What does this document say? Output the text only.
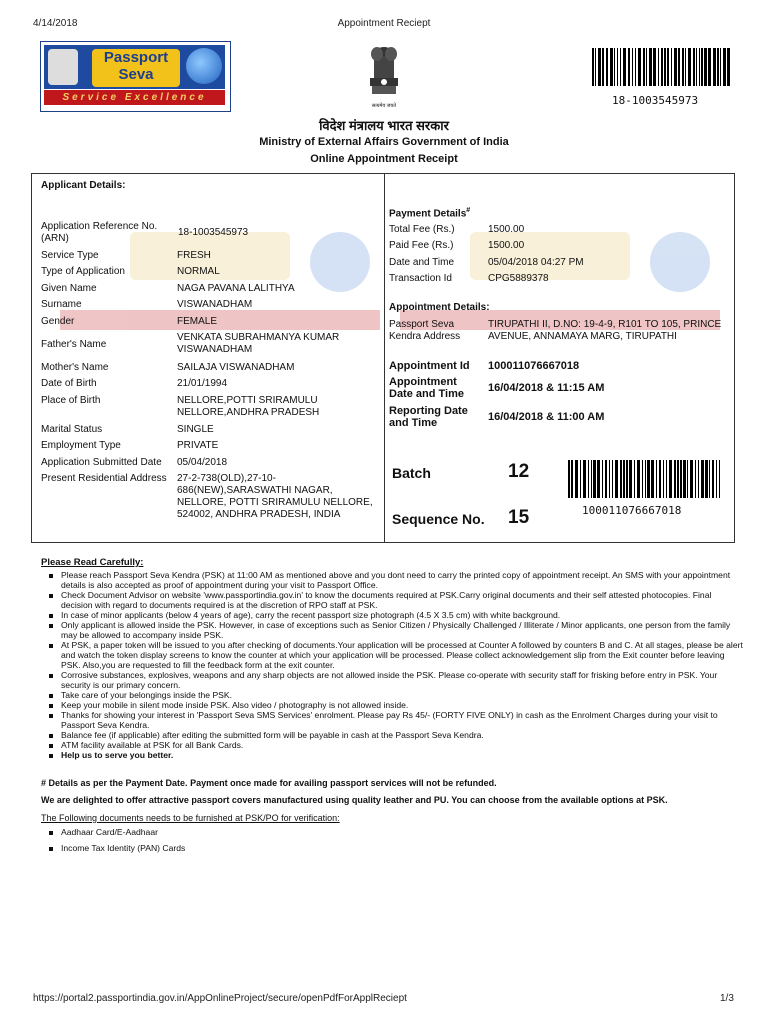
4/14/2018	Appointment Reciept
Passport
Seva
Service Excellence
सत्यमेव जयते	18-1003545973
विदेश मंत्रालय भारत सरकार
Ministry of External Affairs Government of India
Online Appointment Receipt
Applicant Details:
Application Reference No. (ARN)
18-1003545973
Service Type	FRESH
Type of Application	NORMAL
Given Name	NAGA PAVANA LALITHYA
Surname	VISWANADHAM
Gender	FEMALE
Father's Name
VENKATA SUBRAHMANYA KUMAR VISWANADHAM
Mother's Name	SAILAJA VISWANADHAM
Date of Birth	21/01/1994
Place of Birth	NELLORE,POTTI SRIRAMULU NELLORE,ANDHRA PRADESH
Marital Status	SINGLE
Employment Type	PRIVATE
Application Submitted Date 05/04/2018
Present Residential Address 27-2-738(OLD),27-10-686(NEW),SARASWATHI NAGAR, NELLORE, POTTI SRIRAMULU NELLORE, 524002, ANDHRA PRADESH, INDIA
Payment Details#
Total Fee (Rs.)	1500.00
Paid Fee (Rs.)	1500.00
Date and Time	05/04/2018 04:27 PM
Transaction Id	CPG5889378
Appointment Details:
Passport Seva Kendra Address
TIRUPATHI II, D.NO: 19-4-9, R101 TO 105, PRINCE AVENUE, ANNAMAYA MARG, TIRUPATHI
Appointment Id 100011076667018
Appointment Date and Time	16/04/2018 & 11:15 AM
Reporting Date and Time	16/04/2018 & 11:00 AM
Batch	12
Sequence No. 15	100011076667018
Please Read Carefully:
Please reach Passport Seva Kendra (PSK) at 11:00 AM as mentioned above and you dont need to carry the printed copy of appointment receipt. An SMS with your appointment details is also accepted as proof of appointment during your visit to Passport Office.
Check Document Advisor on website 'www.passportindia.gov.in' to know the documents required at PSK.Carry original documents and their self attested photocopies. Final decision with regard to documents required is at the discretion of RPO staff at PSK.
In case of minor applicants (below 4 years of age), carry the recent passport size photograph (4.5 X 3.5 cm) with white background.
Only applicant is allowed inside the PSK. However, in case of exceptions such as Senior Citizen / Physically Challenged / Illiterate / Minor applicants, one person from the family may be allowed to accompany inside PSK.
At PSK, a paper token will be issued to you after checking of documents.Your application will be processed at Counter A followed by counters B and C. At all stages, please be alert and watch the token display screens to know the counter at which your application will be processed. Please collect acknowledgement slip from the Exit counter before leaving PSK. Also,you are requested to fill the feedback form at the exit counter.
Corrosive substances, explosives, weapons and any sharp objects are not allowed inside the PSK. Please co-operate with security staff for frisking before entry in PSK. Your security is our primary concern.
Take care of your belongings inside the PSK.
Keep your mobile in silent mode inside PSK. Also video / photography is not allowed inside.
Thanks for showing your interest in 'Passport Seva SMS Services' enrolment. Please pay Rs 45/- (FORTY FIVE ONLY) in cash as the Enrolment Charges during your visit to Passport Seva Kendra.
Balance fee (if applicable) after editing the submitted form will be payable in cash at the Passport Seva Kendra.
ATM facility available at PSK for all Bank Cards.
Help us to serve you better.
# Details as per the Payment Date. Payment once made for availing passport services will not be refunded.
We are delighted to offer attractive passport covers manufactured using quality leather and PU. You can choose from the available options at PSK.
The Following documents needs to be furnished at PSK/PO for verification:
Aadhaar Card/E-Aadhaar
Income Tax Identity (PAN) Cards
https://portal2.passportindia.gov.in/AppOnlineProject/secure/openPdfForApplReciept	1/3
